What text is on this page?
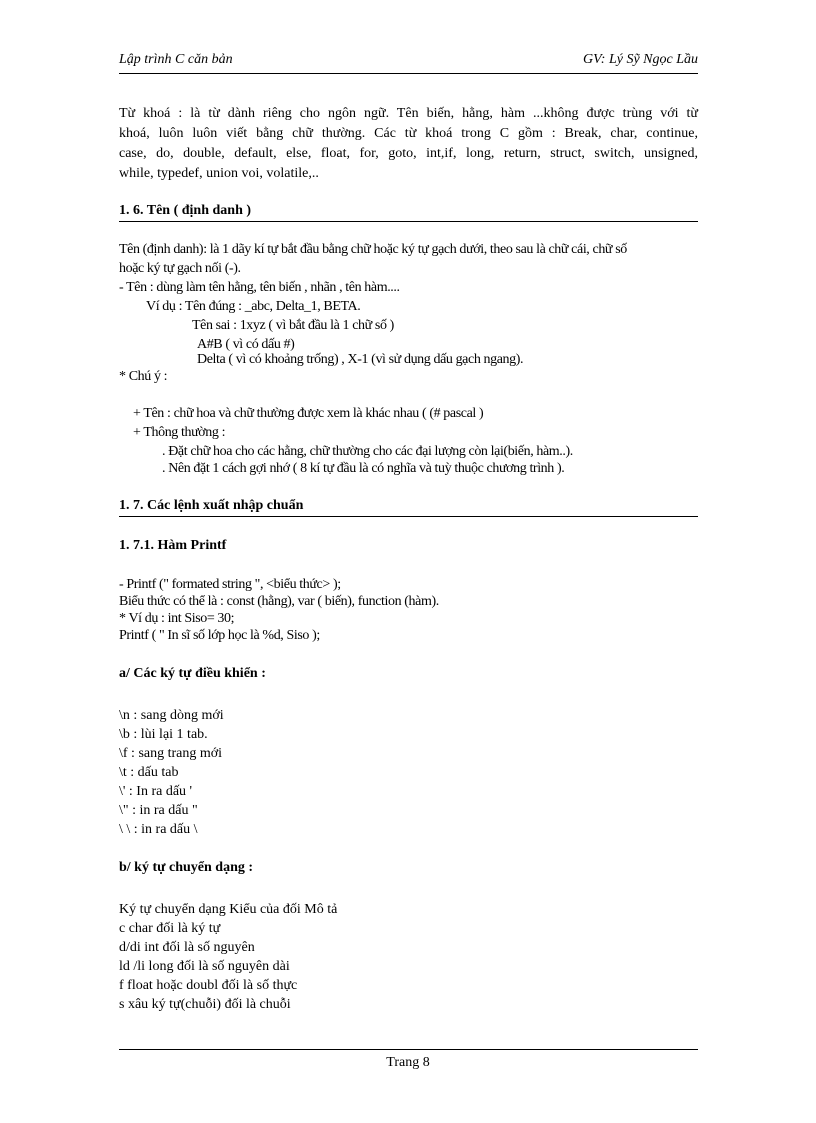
Lập trình C căn bản	GV: Lý Sỹ Ngọc Lầu
Từ khoá : là từ dành riêng cho ngôn ngữ. Tên biến, hằng, hàm ...không được trùng với từ
khoá, luôn luôn viết bằng chữ thường. Các từ khoá trong C gồm : Break, char, continue,
case, do, double, default, else, float, for, goto, int,if, long, return, struct, switch, unsigned,
while, typedef, union voi, volatile,..
1. 6. Tên ( định danh )
Tên (định danh): là 1 dãy kí tự bắt đầu bằng chữ hoặc ký tự gạch dưới, theo sau là chữ cái, chữ số
hoặc ký tự gạch nối (-).
- Tên : dùng làm tên hằng, tên biến , nhãn , tên hàm....
Ví dụ : Tên đúng : _abc, Delta_1, BETA.
Tên sai : 1xyz ( vì bắt đầu là 1 chữ số )
A#B ( vì có dấu #)
Delta ( vì có khoảng trống) , X-1 (vì sử dụng dấu gạch ngang).
* Chú ý :
+ Tên : chữ hoa và chữ thường được xem là khác nhau ( (# pascal )
+ Thông thường :
. Đặt chữ hoa cho các hằng, chữ thường cho các đại lượng còn lại(biến, hàm..).
. Nên đặt 1 cách gợi nhớ ( 8 kí tự đầu là có nghĩa và tuỳ thuộc chương trình ).
1. 7. Các lệnh xuất nhập chuẩn
1. 7.1. Hàm Printf
- Printf (" formated string ", <biểu thức> );
Biểu thức có thể là : const (hằng), var ( biến), function (hàm).
* Ví dụ : int Siso= 30;
Printf ( " In sĩ số lớp học là %d, Siso );
a/ Các ký tự điều khiển :
\n : sang dòng mới
\b : lùi lại 1 tab.
\f : sang trang mới
\t : dấu tab
\' : In ra dấu '
\" : in ra dấu "
\ \ : in ra dấu \
b/ ký tự chuyển dạng :
Ký tự chuyển dạng Kiểu của đối Mô tả
c char đối là ký tự
d/di int đối là số nguyên
ld /li long đối là số nguyên dài
f float hoặc doubl đối là số thực
s xâu ký tự(chuỗi) đối là chuỗi
Trang 8
